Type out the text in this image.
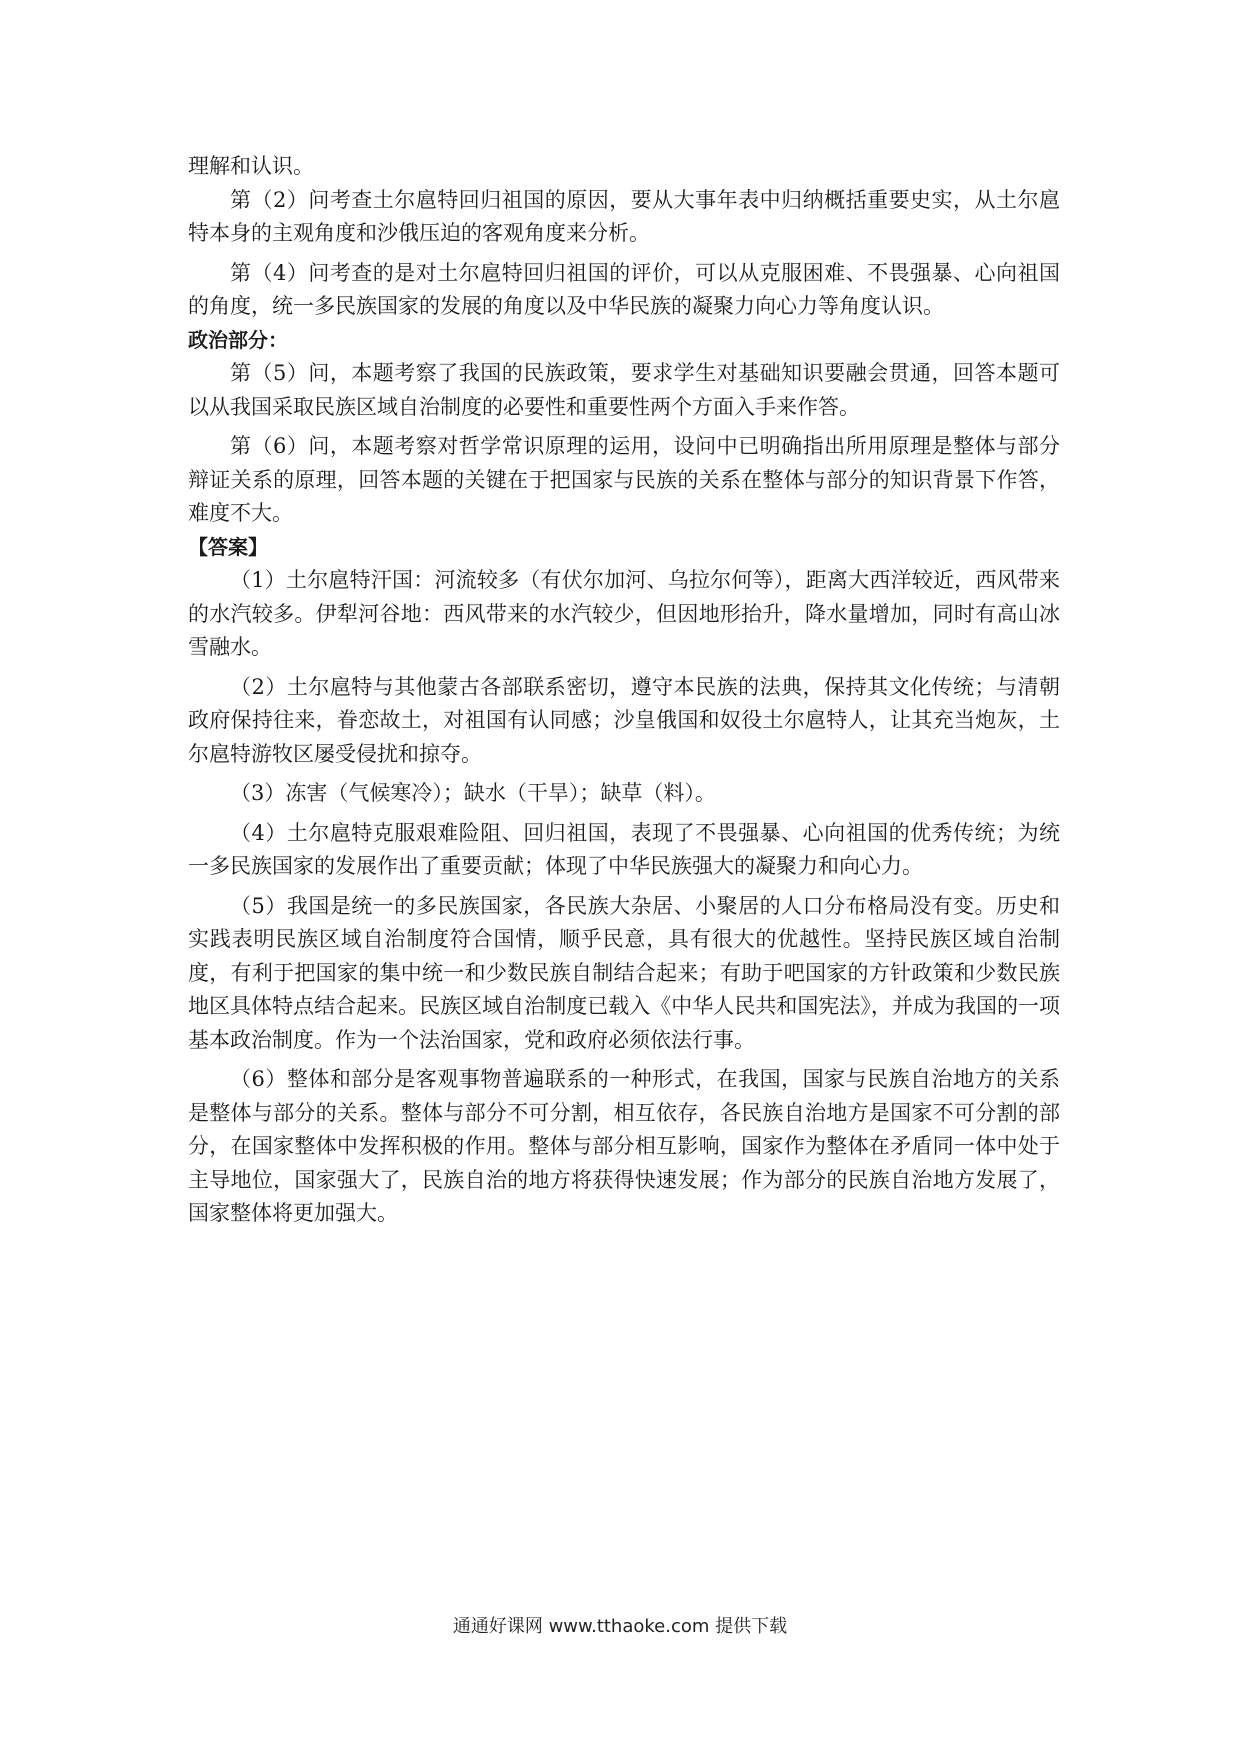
理解和认识。

第（2）问考查土尔扈特回归祖国的原因，要从大事年表中归纳概括重要史实，从土尔扈特本身的主观角度和沙俄压迫的客观角度来分析。

第（4）问考查的是对土尔扈特回归祖国的评价，可以从克服困难、不畏强暴、心向祖国的角度，统一多民族国家的发展的角度以及中华民族的凝聚力向心力等角度认识。

政治部分：

第（5）问，本题考察了我国的民族政策，要求学生对基础知识要融会贯通，回答本题可以从我国采取民族区域自治制度的必要性和重要性两个方面入手来作答。

第（6）问，本题考察对哲学常识原理的运用，设问中已明确指出所用原理是整体与部分辩证关系的原理，回答本题的关键在于把国家与民族的关系在整体与部分的知识背景下作答，难度不大。

【答案】

（1）土尔扈特汗国：河流较多（有伏尔加河、乌拉尔何等），距离大西洋较近，西风带来的水汽较多。伊犁河谷地：西风带来的水汽较少，但因地形抬升，降水量增加，同时有高山冰雪融水。

（2）土尔扈特与其他蒙古各部联系密切，遵守本民族的法典，保持其文化传统；与清朝政府保持往来，眷恋故土，对祖国有认同感；沙皇俄国和奴役土尔扈特人，让其充当炮灰，土尔扈特游牧区屡受侵扰和掠夺。

（3）冻害（气候寒冷）；缺水（干旱）；缺草（料）。

（4）土尔扈特克服艰难险阻、回归祖国，表现了不畏强暴、心向祖国的优秀传统；为统一多民族国家的发展作出了重要贡献；体现了中华民族强大的凝聚力和向心力。

（5）我国是统一的多民族国家，各民族大杂居、小聚居的人口分布格局没有变。历史和实践表明民族区域自治制度符合国情，顺乎民意，具有很大的优越性。坚持民族区域自治制度，有利于把国家的集中统一和少数民族自制结合起来；有助于吧国家的方针政策和少数民族地区具体特点结合起来。民族区域自治制度已载入《中华人民共和国宪法》，并成为我国的一项基本政治制度。作为一个法治国家，党和政府必须依法行事。

（6）整体和部分是客观事物普遍联系的一种形式，在我国，国家与民族自治地方的关系是整体与部分的关系。整体与部分不可分割，相互依存，各民族自治地方是国家不可分割的部分，在国家整体中发挥积极的作用。整体与部分相互影响，国家作为整体在矛盾同一体中处于主导地位，国家强大了，民族自治的地方将获得快速发展；作为部分的民族自治地方发展了，国家整体将更加强大。

通通好课网 www.tthaoke.com 提供下载
